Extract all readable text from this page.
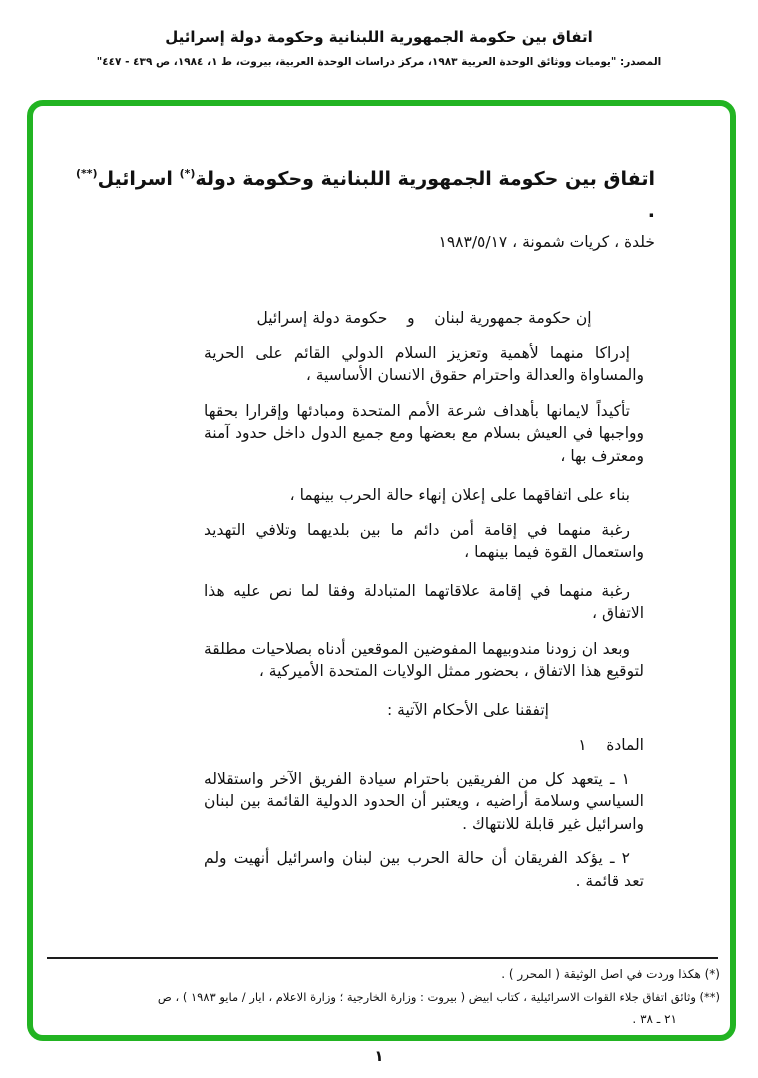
اتفاق بين حكومة الجمهورية اللبنانية وحكومة دولة إسرائيل
المصدر: "يوميات ووثائق الوحدة العربية ١٩٨٣، مركز دراسات الوحدة العربية، بيروت، ط ١، ١٩٨٤، ص ٤٣٩ - ٤٤٧"
اتفاق بين حكومة الجمهورية اللبنانية وحكومة دولة(*) اسرائيل(**) .
خلدة ، كريات شمونة ، ١٩٨٣/٥/١٧

إن حكومة جمهورية لبنان    و    حكومة دولة إسرائيل

إدراكا منهما لأهمية وتعزيز السلام الدولي القائم على الحرية والمساواة والعدالة واحترام حقوق الانسان الأساسية ،

تأكيداً لايمانها بأهداف شرعة الأمم المتحدة ومبادئها وإقرارا بحقها وواجبها في العيش بسلام مع بعضها ومع جميع الدول داخل حدود آمنة ومعترف بها ،

بناء على اتفاقهما على إعلان إنهاء حالة الحرب بينهما ،

رغبة منهما في إقامة أمن دائم ما بين بلديهما وتلافي التهديد واستعمال القوة فيما بينهما ،

رغبة منهما في إقامة علاقاتهما المتبادلة وفقا لما نص عليه هذا الاتفاق ،

وبعد ان زودنا مندوبيهما المفوضين الموقعين أدناه بصلاحيات مطلقة لتوقيع هذا الاتفاق ، بحضور ممثل الولايات المتحدة الأميركية ،

إتفقنا على الأحكام الآتية :

المادة    ١

١ ـ يتعهد كل من الفريقين باحترام سيادة الفريق الآخر واستقلاله السياسي وسلامة أراضيه ، ويعتبر أن الحدود الدولية القائمة بين لبنان واسرائيل غير قابلة للانتهاك .

٢ ـ يؤكد الفريقان أن حالة الحرب بين لبنان واسرائيل أنهيت ولم تعد قائمة .

(*) هكذا وردت في اصل الوثيقة ( المحرر ) .
(**) وثائق اتفاق جلاء القوات الاسرائيلية ، كتاب ابيض ( بيروت : وزارة الخارجية ؛ وزارة الاعلام ، ايار / مايو ١٩٨٣ ) ، ص
٢١ ـ ٣٨ .
١
